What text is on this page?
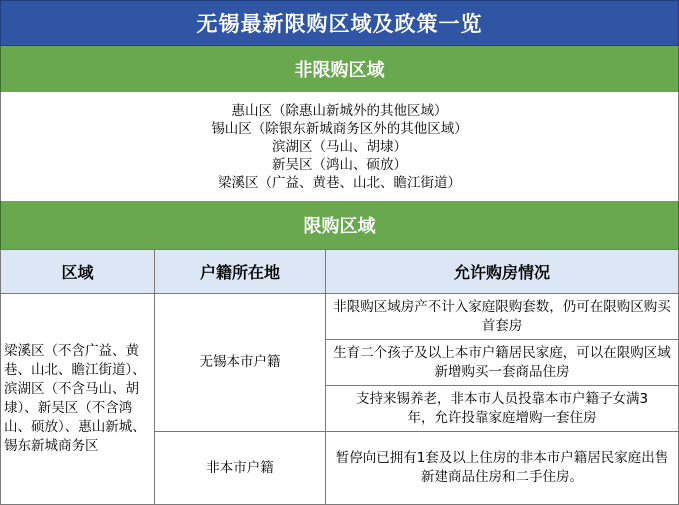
无锡最新限购区域及政策一览
非限购区域
惠山区（除惠山新城外的其他区域）
锡山区（除银东新城商务区外的其他区域）
滨湖区（马山、胡埭）
新吴区（鸿山、硕放）
梁溪区（广益、黄巷、山北、瞻江街道）
限购区域
区域	户籍所在地	允许购房情况
梁溪区（不含广益、黄巷、山北、瞻江街道）、滨湖区（不含马山、胡埭）、新吴区（不含鸿山、硕放）、惠山新城、锡东新城商务区
无锡本市户籍
非本市户籍
非限购区域房产不计入家庭限购套数，仍可在限购区购买首套房
生育二个孩子及以上本市户籍居民家庭，可以在限购区域新增购买一套商品住房
支持来锡养老，非本市人员投靠本市户籍子女满3年，允许投靠家庭增购一套住房
暂停向已拥有1套及以上住房的非本市户籍居民家庭出售新建商品住房和二手住房。
